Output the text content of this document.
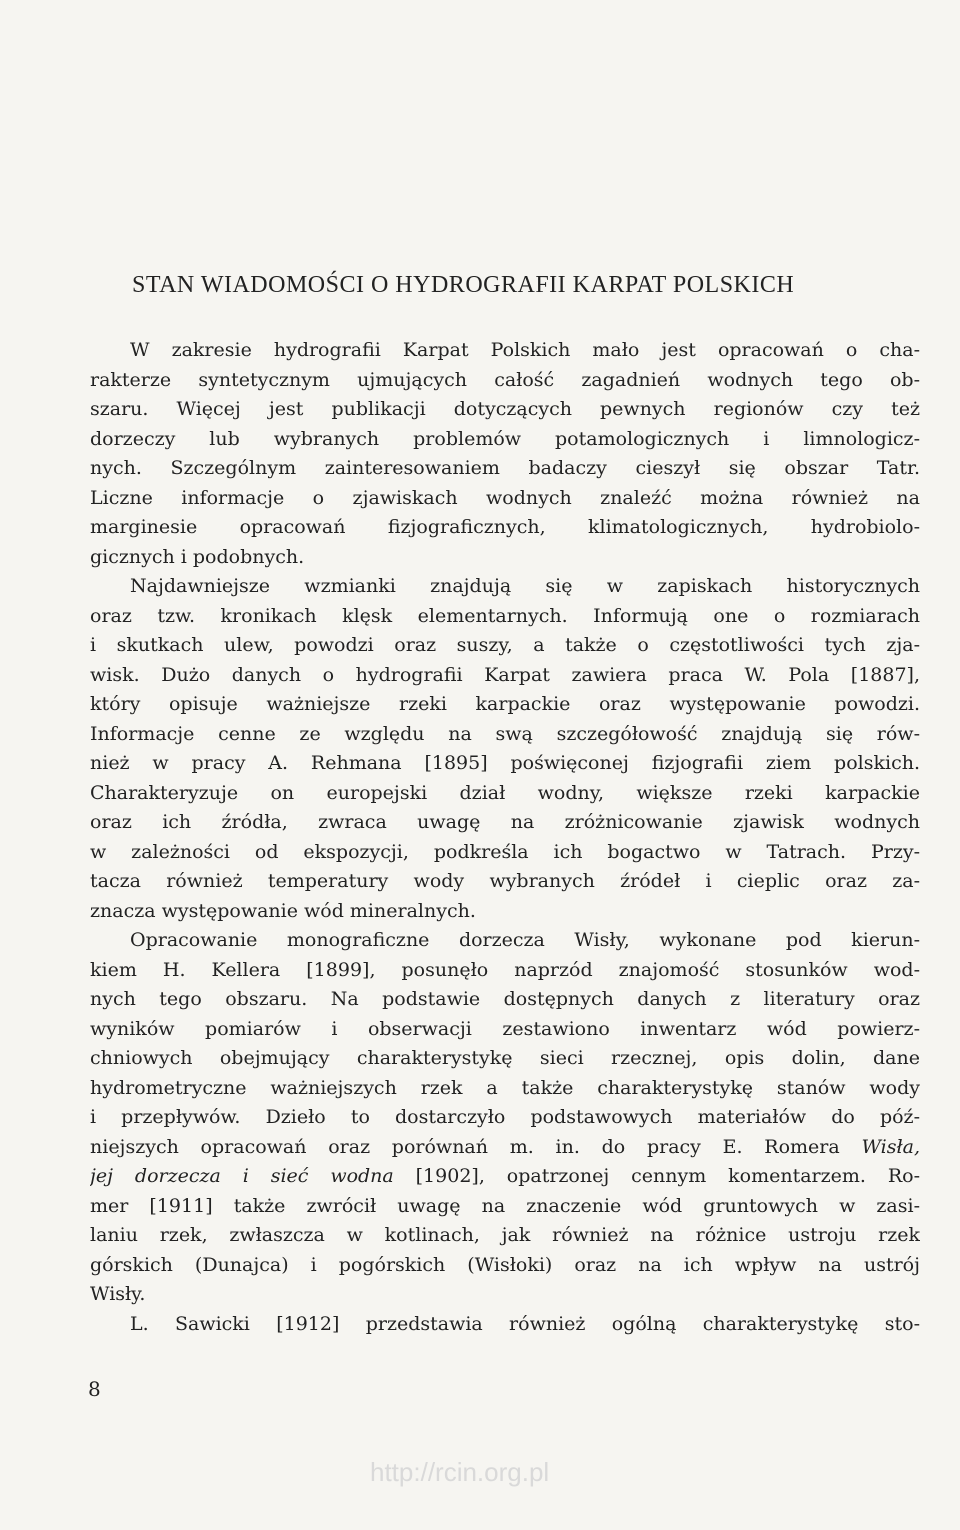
STAN WIADOMOŚCI O HYDROGRAFII KARPAT POLSKICH
W zakresie hydrografii Karpat Polskich mało jest opracowań o cha-
rakterze syntetycznym ujmujących całość zagadnień wodnych tego ob-
szaru. Więcej jest publikacji dotyczących pewnych regionów czy też
dorzeczy lub wybranych problemów potamologicznych i limnologicz-
nych. Szczególnym zainteresowaniem badaczy cieszył się obszar Tatr.
Liczne informacje o zjawiskach wodnych znaleźć można również na
marginesie opracowań fizjograficznych, klimatologicznych, hydrobiolo-
gicznych i podobnych.
Najdawniejsze wzmianki znajdują się w zapiskach historycznych
oraz tzw. kronikach klęsk elementarnych. Informują one o rozmiarach
i skutkach ulew, powodzi oraz suszy, a także o częstotliwości tych zja-
wisk. Dużo danych o hydrografii Karpat zawiera praca W. Pola [1887],
który opisuje ważniejsze rzeki karpackie oraz występowanie powodzi.
Informacje cenne ze względu na swą szczegółowość znajdują się rów-
nież w pracy A. Rehmana [1895] poświęconej fizjografii ziem polskich.
Charakteryzuje on europejski dział wodny, większe rzeki karpackie
oraz ich źródła, zwraca uwagę na zróżnicowanie zjawisk wodnych
w zależności od ekspozycji, podkreśla ich bogactwo w Tatrach. Przy-
tacza również temperatury wody wybranych źródeł i cieplic oraz za-
znacza występowanie wód mineralnych.
Opracowanie monograficzne dorzecza Wisły, wykonane pod kierun-
kiem H. Kellera [1899], posunęło naprzód znajomość stosunków wod-
nych tego obszaru. Na podstawie dostępnych danych z literatury oraz
wyników pomiarów i obserwacji zestawiono inwentarz wód powierz-
chniowych obejmujący charakterystykę sieci rzecznej, opis dolin, dane
hydrometryczne ważniejszych rzek a także charakterystykę stanów wody
i przepływów. Dzieło to dostarczyło podstawowych materiałów do póź-
niejszych opracowań oraz porównań m. in. do pracy E. Romera Wisła,
jej dorzecza i sieć wodna [1902], opatrzonej cennym komentarzem. Ro-
mer [1911] także zwrócił uwagę na znaczenie wód gruntowych w zasi-
laniu rzek, zwłaszcza w kotlinach, jak również na różnice ustroju rzek
górskich (Dunajca) i pogórskich (Wisłoki) oraz na ich wpływ na ustrój
Wisły.
L. Sawicki [1912] przedstawia również ogólną charakterystykę sto-
8
http://rcin.org.pl
